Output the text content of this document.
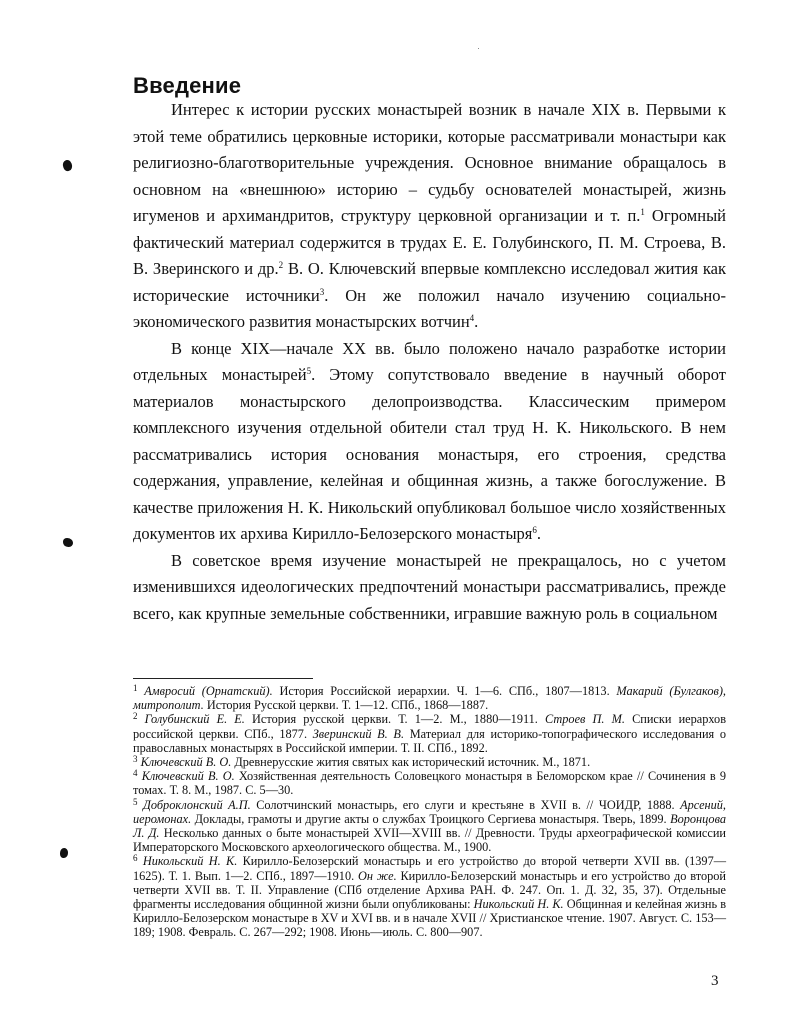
Введение

Интерес к истории русских монастырей возник в начале XIX в. Первыми к этой теме обратились церковные историки, которые рассматривали монастыри как религиозно-благотворительные учреждения. Основное внимание обращалось в основном на «внешнюю» историю – судьбу основателей монастырей, жизнь игуменов и архимандритов, структуру церковной организации и т. п.$^1$ Огромный фактический материал содержится в трудах Е. Е. Голубинского, П. М. Строева, В. В. Зверинского и др.$^2$ В. О. Ключевский впервые комплексно исследовал жития как исторические источники$^3$. Он же положил начало изучению социально-экономического развития монастырских вотчин$^4$.

В конце XIX—начале XX вв. было положено начало разработке истории отдельных монастырей$^5$. Этому сопутствовало введение в научный оборот материалов монастырского делопроизводства. Классическим примером комплексного изучения отдельной обители стал труд Н. К. Никольского. В нем рассматривались история основания монастыря, его строения, средства содержания, управление, келейная и общинная жизнь, а также богослужение. В качестве приложения Н. К. Никольский опубликовал большое число хозяйственных документов их архива Кирилло-Белозерского монастыря$^6$.

В советское время изучение монастырей не прекращалось, но с учетом изменившихся идеологических предпочтений монастыри рассматривались, прежде всего, как крупные земельные собственники, игравшие важную роль в социальном

$^1$ Амвросий (Орнатский). История Российской иерархии. Ч. 1—6. СПб., 1807—1813. Макарий (Булгаков), митрополит. История Русской церкви. Т. 1—12. СПб., 1868—1887.
$^2$ Голубинский Е. Е. История русской церкви. Т. 1—2. М., 1880—1911. Строев П. М. Списки иерархов российской церкви. СПб., 1877. Зверинский В. В. Материал для историко-топографического исследования о православных монастырях в Российской империи. Т. II. СПб., 1892.
$^3$ Ключевский В. О. Древнерусские жития святых как исторический источник. М., 1871.
$^4$ Ключевский В. О. Хозяйственная деятельность Соловецкого монастыря в Беломорском крае // Сочинения в 9 томах. Т. 8. М., 1987. С. 5—30.
$^5$ Доброклонский А.П. Солотчинский монастырь, его слуги и крестьяне в XVII в. // ЧОИДР, 1888. Арсений, иеромонах. Доклады, грамоты и другие акты о службах Троицкого Сергиева монастыря. Тверь, 1899. Воронцова Л. Д. Несколько данных о быте монастырей XVII—XVIII вв. // Древности. Труды археографической комиссии Императорского Московского археологического общества. М., 1900.
$^6$ Никольский Н. К. Кирилло-Белозерский монастырь и его устройство до второй четверти XVII вв. (1397—1625). Т. 1. Вып. 1—2. СПб., 1897—1910. Он же. Кирилло-Белозерский монастырь и его устройство до второй четверти XVII вв. Т. II. Управление (СПб отделение Архива РАН. Ф. 247. Оп. 1. Д. 32, 35, 37). Отдельные фрагменты исследования общинной жизни были опубликованы: Никольский Н. К. Общинная и келейная жизнь в Кирилло-Белозерском монастыре в XV и XVI вв. и в начале XVII // Христианское чтение. 1907. Август. С. 153—189; 1908. Февраль. С. 267—292; 1908. Июнь—июль. С. 800—907.
3
